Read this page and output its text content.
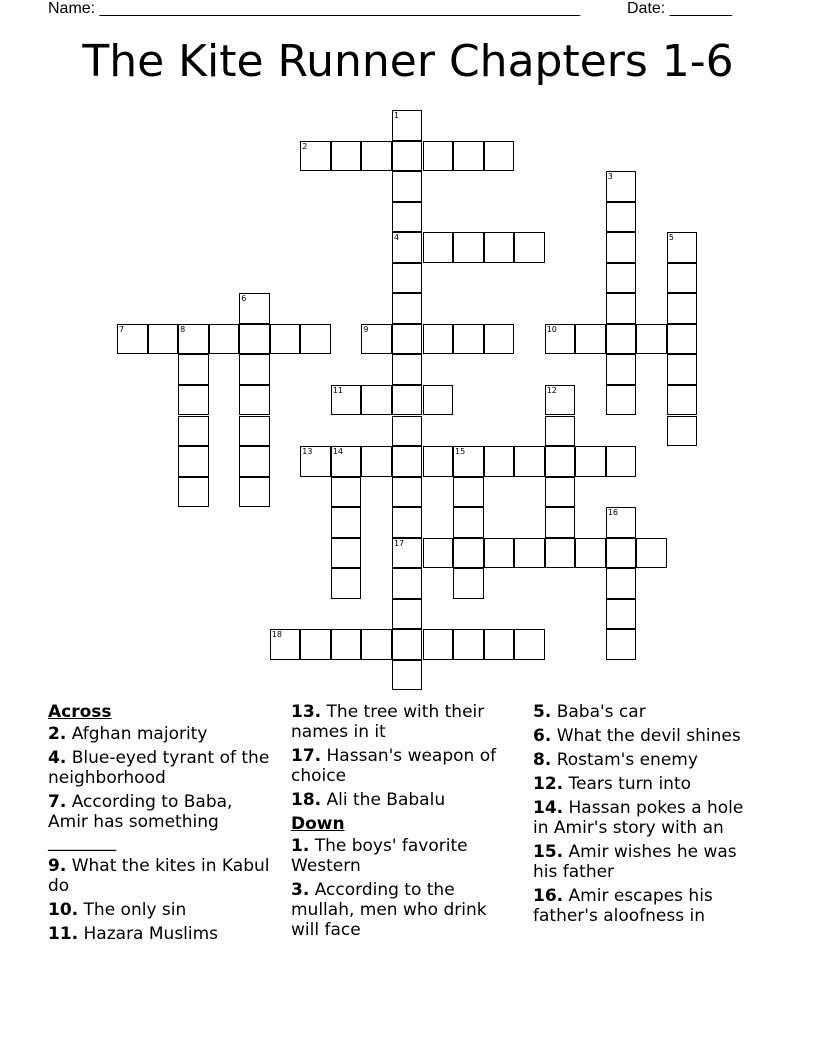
Name: ______________________________________________________	Date: _______
The Kite Runner Chapters 1-6
1
4
17
2
3
5
6
7	8	9	10
11	12
13	14	15
16
18
Across
2. Afghan majority
4. Blue-eyed tyrant of the neighborhood
7. According to Baba, Amir has something ________
9. What the kites in Kabul do
10. The only sin
11. Hazara Muslims
13. The tree with their names in it
17. Hassan's weapon of choice
18. Ali the Babalu
Down
1. The boys' favorite Western
3. According to the mullah, men who drink will face
5. Baba's car
6. What the devil shines
8. Rostam's enemy
12. Tears turn into
14. Hassan pokes a hole in Amir's story with an
15. Amir wishes he was his father
16. Amir escapes his father's aloofness in
